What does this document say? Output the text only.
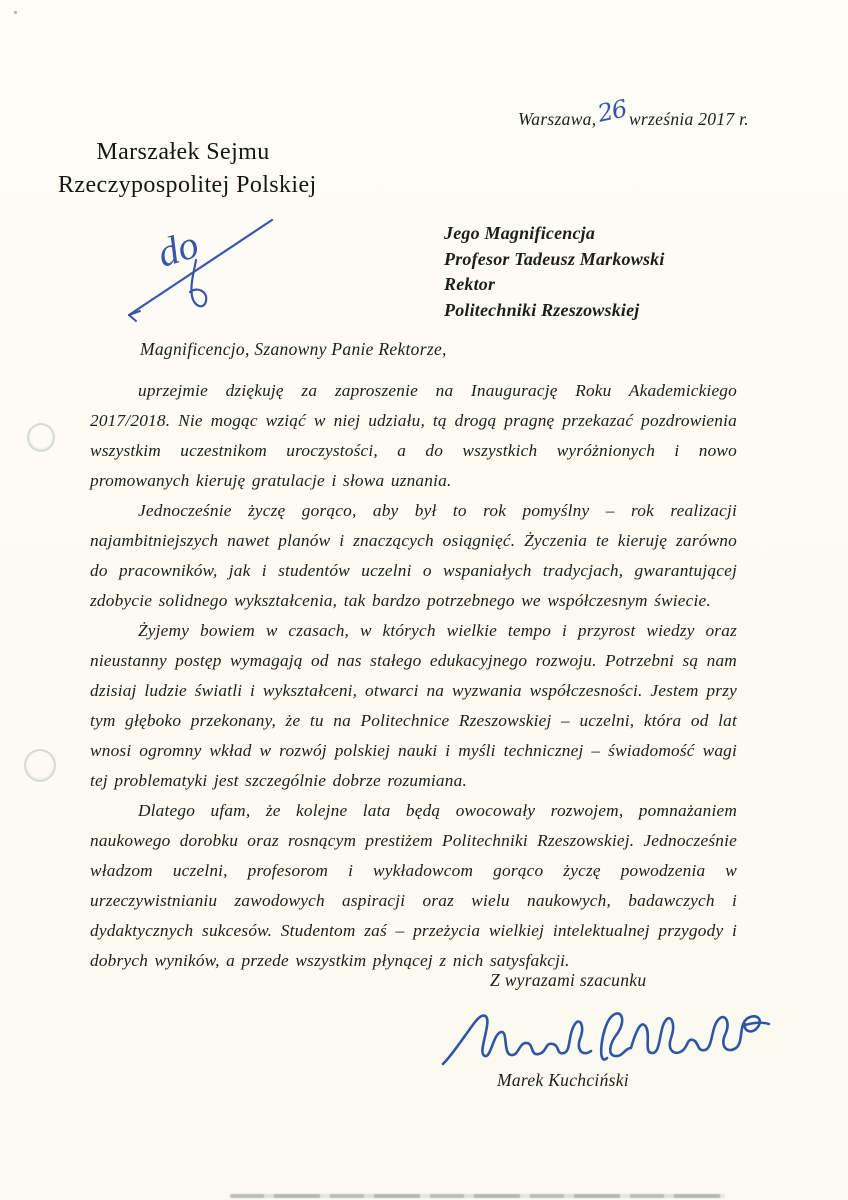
Warszawa,26września 2017 r.
Marszałek Sejmu
Rzeczypospolitej Polskiej
do	Jego Magnificencja
Profesor Tadeusz Markowski
Rektor
Politechniki Rzeszowskiej
Magnificencjo, Szanowny Panie Rektorze,

uprzejmie dziękuję za zaproszenie na Inaugurację Roku Akademickiego 2017/2018. Nie mogąc wziąć w niej udziału, tą drogą pragnę przekazać pozdrowienia wszystkim uczestnikom uroczystości, a do wszystkich wyróżnionych i nowo promowanych kieruję gratulacje i słowa uznania.

Jednocześnie życzę gorąco, aby był to rok pomyślny – rok realizacji najambitniejszych nawet planów i znaczących osiągnięć. Życzenia te kieruję zarówno do pracowników, jak i studentów uczelni o wspaniałych tradycjach, gwarantującej zdobycie solidnego wykształcenia, tak bardzo potrzebnego we współczesnym świecie.

Żyjemy bowiem w czasach, w których wielkie tempo i przyrost wiedzy oraz nieustanny postęp wymagają od nas stałego edukacyjnego rozwoju. Potrzebni są nam dzisiaj ludzie światli i wykształceni, otwarci na wyzwania współczesności. Jestem przy tym głęboko przekonany, że tu na Politechnice Rzeszowskiej – uczelni, która od lat wnosi ogromny wkład w rozwój polskiej nauki i myśli technicznej – świadomość wagi tej problematyki jest szczególnie dobrze rozumiana.

Dlatego ufam, że kolejne lata będą owocowały rozwojem, pomnażaniem naukowego dorobku oraz rosnącym prestiżem Politechniki Rzeszowskiej. Jednocześnie władzom uczelni, profesorom i wykładowcom gorąco życzę powodzenia w urzeczywistnianiu zawodowych aspiracji oraz wielu naukowych, badawczych i dydaktycznych sukcesów. Studentom zaś – przeżycia wielkiej intelektualnej przygody i dobrych wyników, a przede wszystkim płynącej z nich satysfakcji.

Z wyrazami szacunku
Marek Kuchciński
